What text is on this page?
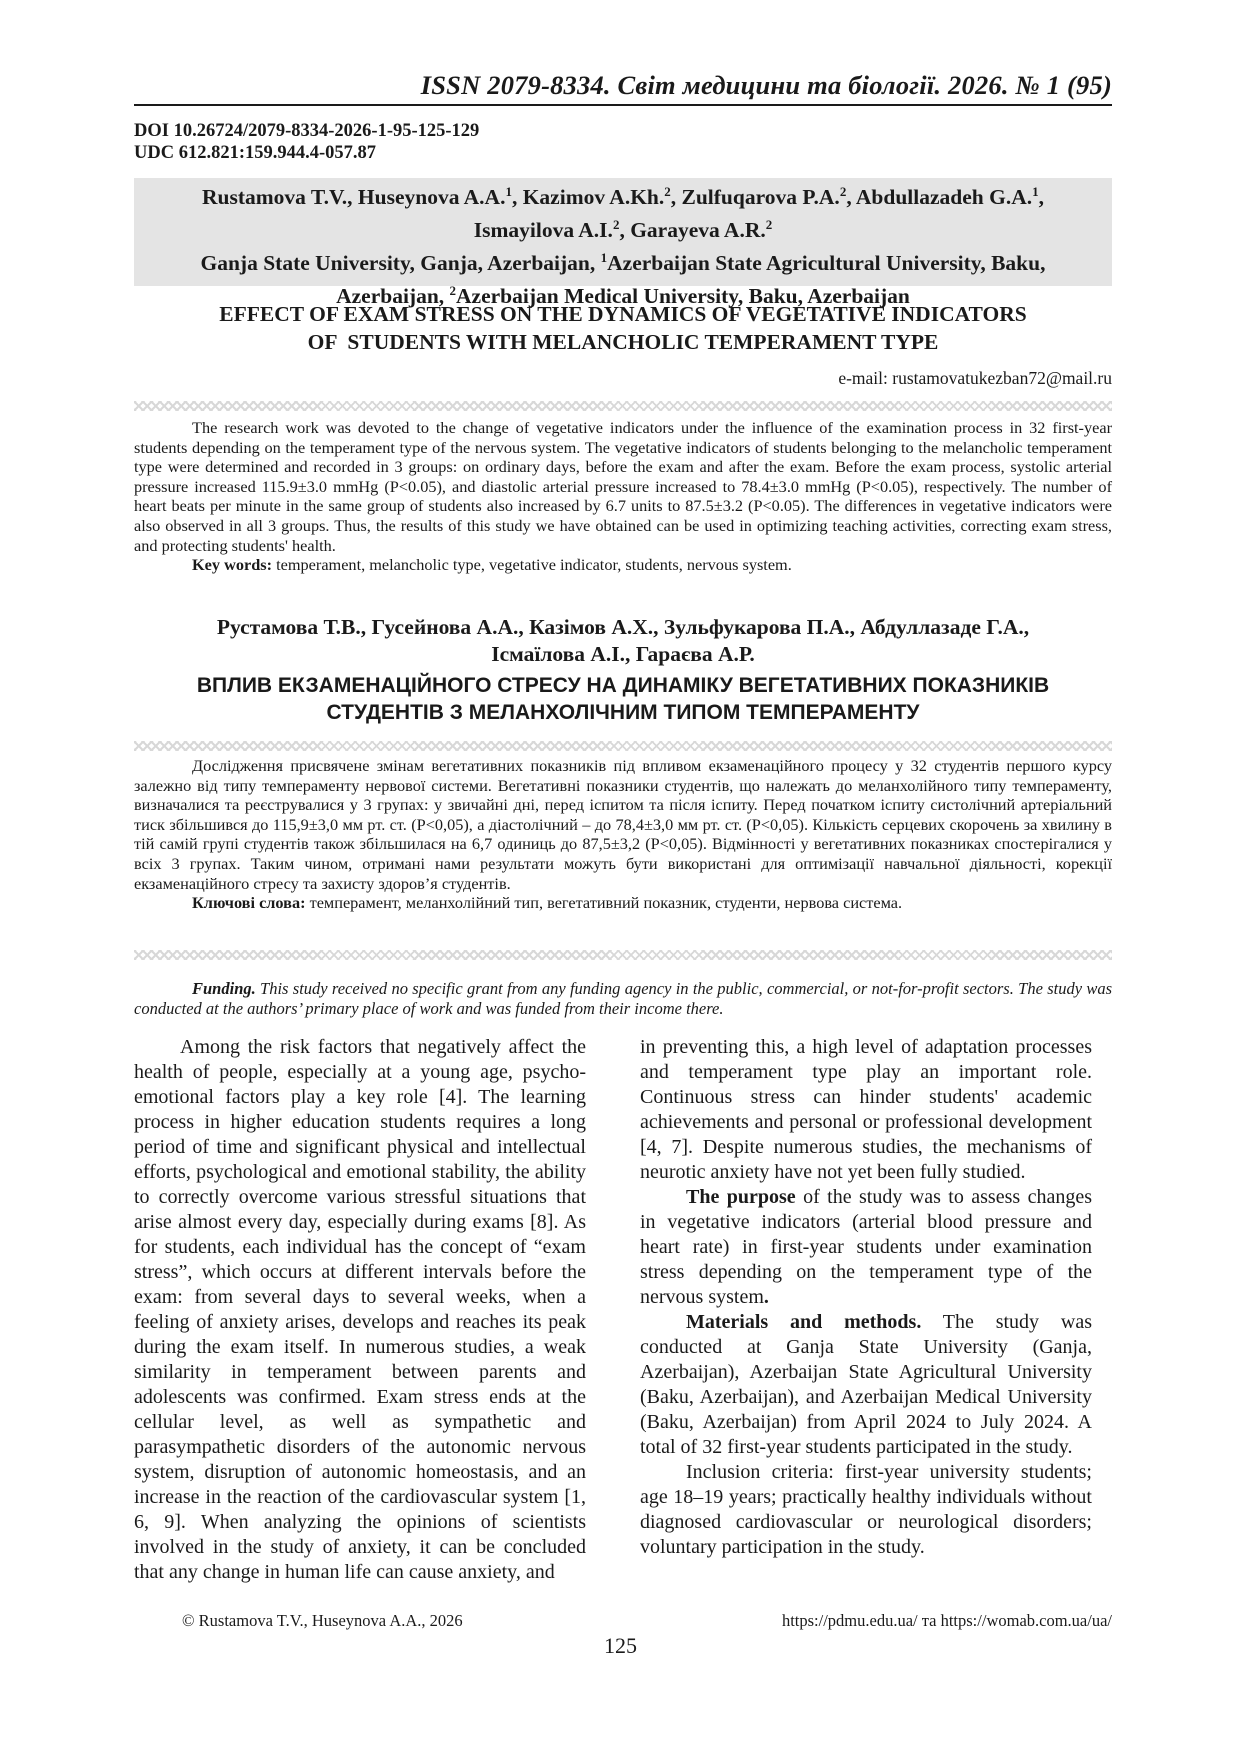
ISSN 2079-8334. Світ медицини та біології. 2026. № 1 (95)
DOI 10.26724/2079-8334-2026-1-95-125-129
UDC 612.821:159.944.4-057.87
Rustamova T.V., Huseynova A.A.$^1$, Kazimov A.Kh.$^2$, Zulfuqarova P.A.$^2$, Abdullazadeh G.A.$^1$,
Ismayilova A.I.$^2$, Garayeva A.R.$^2$
Ganja State University, Ganja, Azerbaijan, $^1$Azerbaijan State Agricultural University, Baku,
Azerbaijan, $^2$Azerbaijan Medical University, Baku, Azerbaijan
EFFECT OF EXAM STRESS ON THE DYNAMICS OF VEGETATIVE INDICATORS
OF  STUDENTS WITH MELANCHOLIC TEMPERAMENT TYPE
e-mail: rustamovatukezban72@mail.ru

The research work was devoted to the change of vegetative indicators under the influence of the examination process in 32 first-year students depending on the temperament type of the nervous system. The vegetative indicators of students belonging to the melancholic temperament type were determined and recorded in 3 groups: on ordinary days, before the exam and after the exam. Before the exam process, systolic arterial pressure increased 115.9±3.0 mmHg (P<0.05), and diastolic arterial pressure increased to 78.4±3.0 mmHg (P<0.05), respectively. The number of heart beats per minute in the same group of students also increased by 6.7 units to 87.5±3.2 (P<0.05). The differences in vegetative indicators were also observed in all 3 groups. Thus, the results of this study we have obtained can be used in optimizing teaching activities, correcting exam stress, and protecting students' health.

Key words: temperament, melancholic type, vegetative indicator, students, nervous system.

Рустамова Т.В., Гусейнова А.А., Казімов А.Х., Зульфукарова П.А., Абдуллазаде Г.А.,
Ісмаїлова А.І., Гараєва А.Р.
ВПЛИВ ЕКЗАМЕНАЦІЙНОГО СТРЕСУ НА ДИНАМІКУ ВЕГЕТАТИВНИХ ПОКАЗНИКІВ
СТУДЕНТІВ З МЕЛАНХОЛІЧНИМ ТИПОМ ТЕМПЕРАМЕНТУ

Дослідження присвячене змінам вегетативних показників під впливом екзаменаційного процесу у 32 студентів першого курсу залежно від типу темпераменту нервової системи. Вегетативні показники студентів, що належать до меланхолійного типу темпераменту, визначалися та реєструвалися у 3 групах: у звичайні дні, перед іспитом та після іспиту. Перед початком іспиту систолічний артеріальний тиск збільшився до 115,9±3,0 мм рт. ст. (P<0,05), а діастолічний – до 78,4±3,0 мм рт. ст. (P<0,05). Кількість серцевих скорочень за хвилину в тій самій групі студентів також збільшилася на 6,7 одиниць до 87,5±3,2 (P<0,05). Відмінності у вегетативних показниках спостерігалися у всіх 3 групах. Таким чином, отримані нами результати можуть бути використані для оптимізації навчальної діяльності, корекції екзаменаційного стресу та захисту здоров’я студентів.

Ключові слова: темперамент, меланхолійний тип, вегетативний показник, студенти, нервова система.

Funding. This study received no specific grant from any funding agency in the public, commercial, or not-for-profit sectors. The study was conducted at the authors’ primary place of work and was funded from their income there.

Among the risk factors that negatively affect the health of people, especially at a young age, psycho-emotional factors play a key role [4]. The learning process in higher education students requires a long period of time and significant physical and intellectual efforts, psychological and emotional stability, the ability to correctly overcome various stressful situations that arise almost every day, especially during exams [8]. As for students, each individual has the concept of “exam stress”, which occurs at different intervals before the exam: from several days to several weeks, when a feeling of anxiety arises, develops and reaches its peak during the exam itself. In numerous studies, a weak similarity in temperament between parents and adolescents was confirmed. Exam stress ends at the cellular level, as well as sympathetic and parasympathetic disorders of the autonomic nervous system, disruption of autonomic homeostasis, and an increase in the reaction of the cardiovascular system [1, 6, 9]. When analyzing the opinions of scientists involved in the study of anxiety, it can be concluded that any change in human life can cause anxiety, and

in preventing this, a high level of adaptation processes and temperament type play an important role. Continuous stress can hinder students' academic achievements and personal or professional development [4, 7]. Despite numerous studies, the mechanisms of neurotic anxiety have not yet been fully studied.

The purpose of the study was to assess changes in vegetative indicators (arterial blood pressure and heart rate) in first-year students under examination stress depending on the temperament type of the nervous system.

Materials and methods. The study was conducted at Ganja State University (Ganja, Azerbaijan), Azerbaijan State Agricultural University (Baku, Azerbaijan), and Azerbaijan Medical University (Baku, Azerbaijan) from April 2024 to July 2024. A total of 32 first-year students participated in the study.

Inclusion criteria: first-year university students; age 18–19 years; practically healthy individuals without diagnosed cardiovascular or neurological disorders; voluntary participation in the study.

© Rustamova T.V., Huseynova A.A., 2026	https://pdmu.edu.ua/ та https://womab.com.ua/ua/
125
